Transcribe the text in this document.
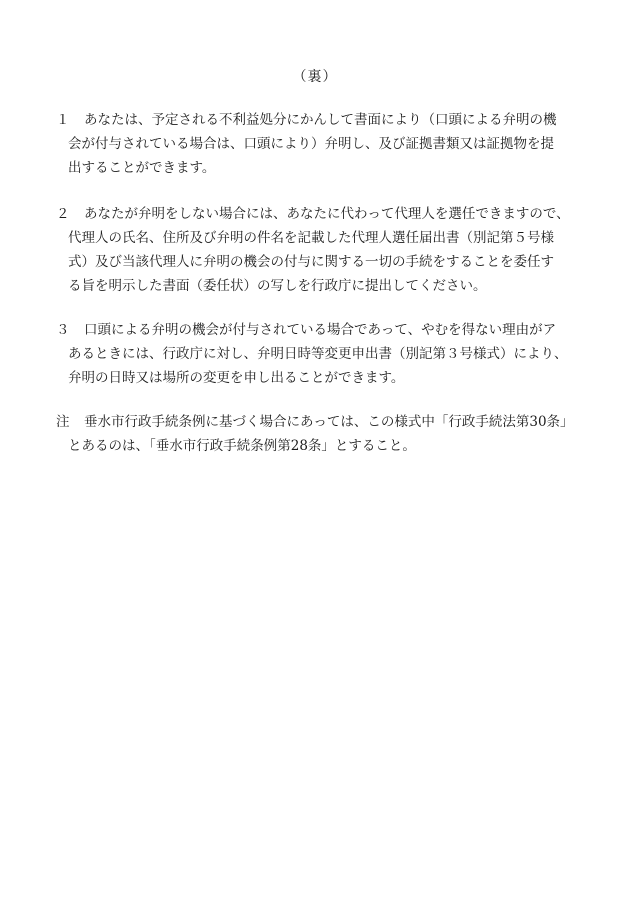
（裏）
１	あなたは、予定される不利益処分にかんして書面により（口頭による弁明の機
会が付与されている場合は、口頭により）弁明し、及び証拠書類又は証拠物を提
出することができます。
２	あなたが弁明をしない場合には、あなたに代わって代理人を選任できますので、
代理人の氏名、住所及び弁明の件名を記載した代理人選任届出書（別記第５号様
式）及び当該代理人に弁明の機会の付与に関する一切の手続をすることを委任す
る旨を明示した書面（委任状）の写しを行政庁に提出してください。
３	口頭による弁明の機会が付与されている場合であって、やむを得ない理由がア
あるときには、行政庁に対し、弁明日時等変更申出書（別記第３号様式）により、
弁明の日時又は場所の変更を申し出ることができます。
注	垂水市行政手続条例に基づく場合にあっては、この様式中「行政手続法第30条」
とあるのは、「垂水市行政手続条例第28条」とすること。
